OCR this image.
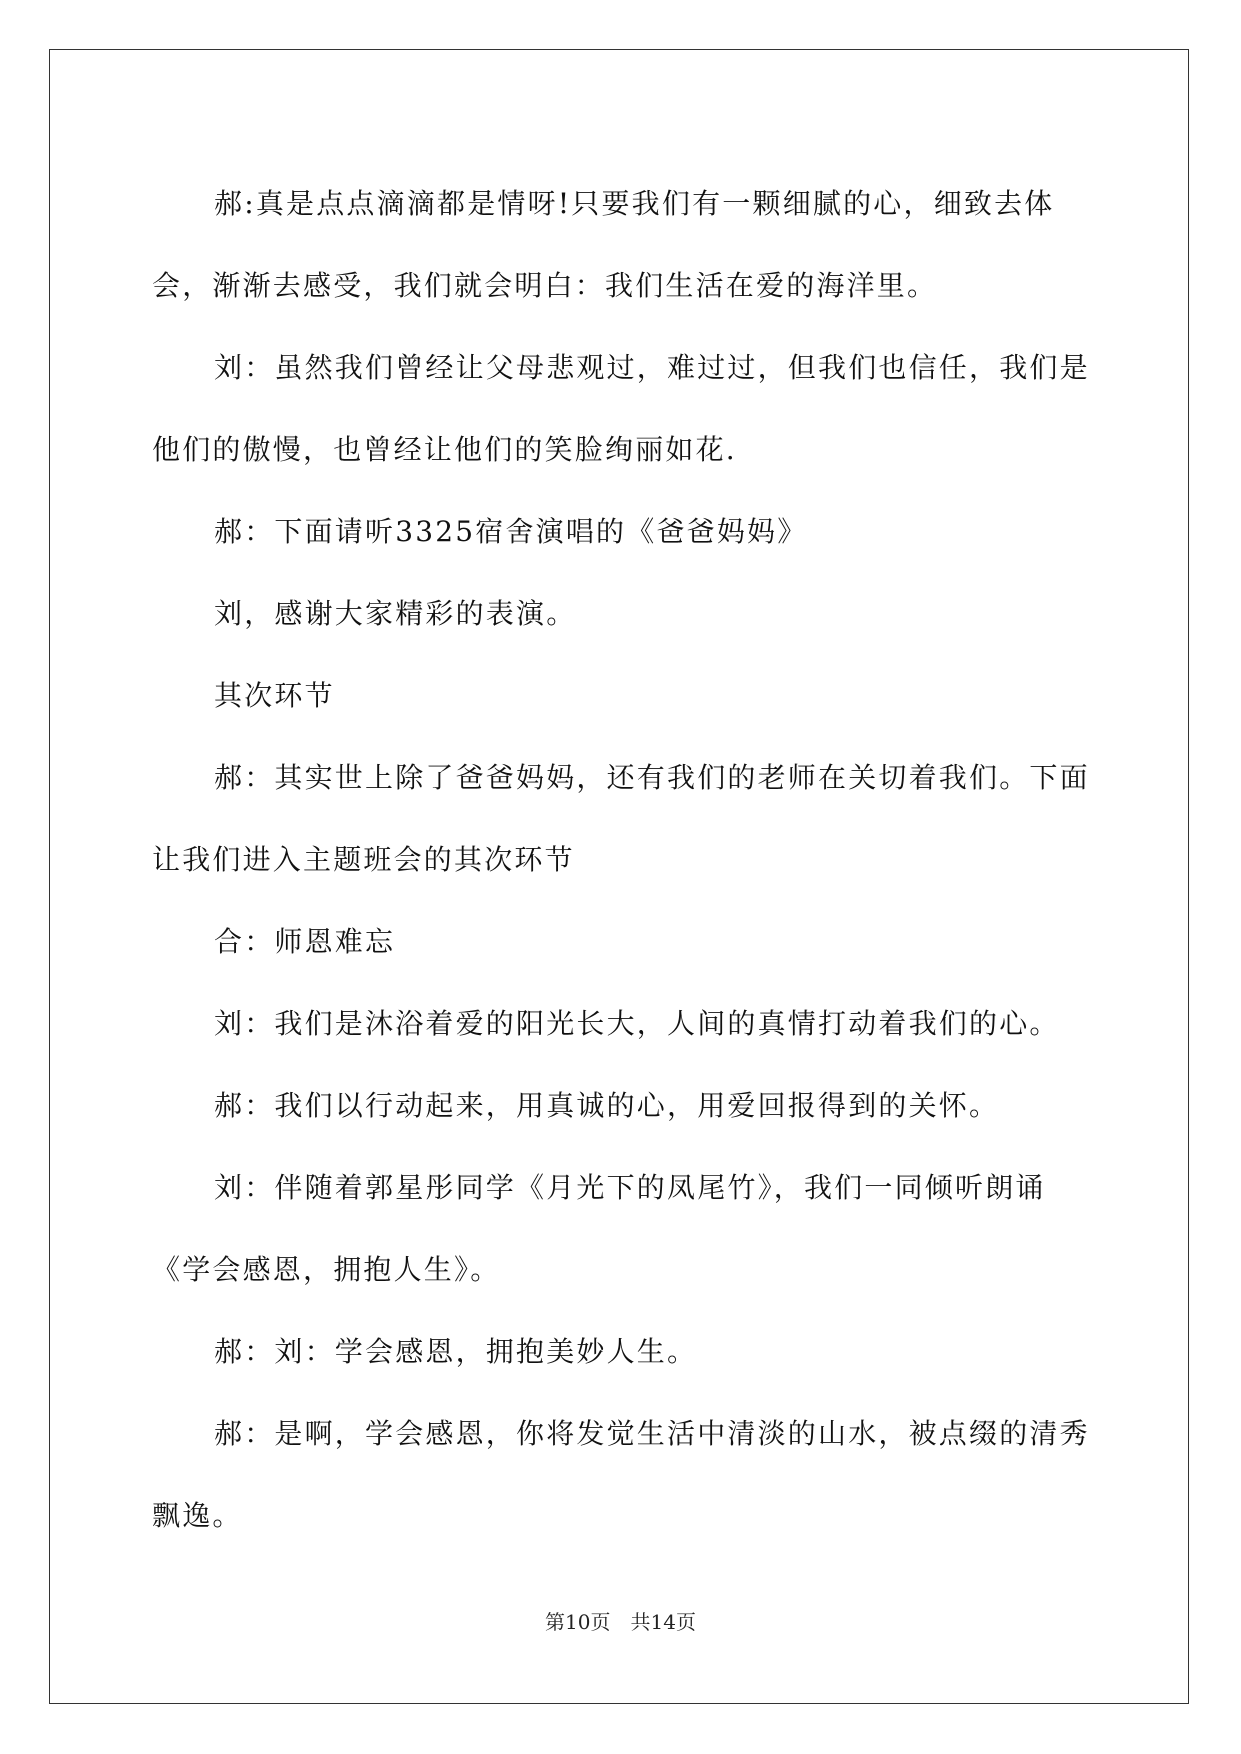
郝:真是点点滴滴都是情呀!只要我们有一颗细腻的心，细致去体会，渐渐去感受，我们就会明白：我们生活在爱的海洋里。

刘：虽然我们曾经让父母悲观过，难过过，但我们也信任，我们是他们的傲慢，也曾经让他们的笑脸绚丽如花.

郝：下面请听3325宿舍演唱的《爸爸妈妈》

刘，感谢大家精彩的表演。

其次环节

郝：其实世上除了爸爸妈妈，还有我们的老师在关切着我们。下面让我们进入主题班会的其次环节

合：师恩难忘

刘：我们是沐浴着爱的阳光长大，人间的真情打动着我们的心。

郝：我们以行动起来，用真诚的心，用爱回报得到的关怀。

刘：伴随着郭星彤同学《月光下的凤尾竹》，我们一同倾听朗诵《学会感恩，拥抱人生》。

郝：刘：学会感恩，拥抱美妙人生。

郝：是啊，学会感恩，你将发觉生活中清淡的山水，被点缀的清秀飘逸。

第10页　共14页
